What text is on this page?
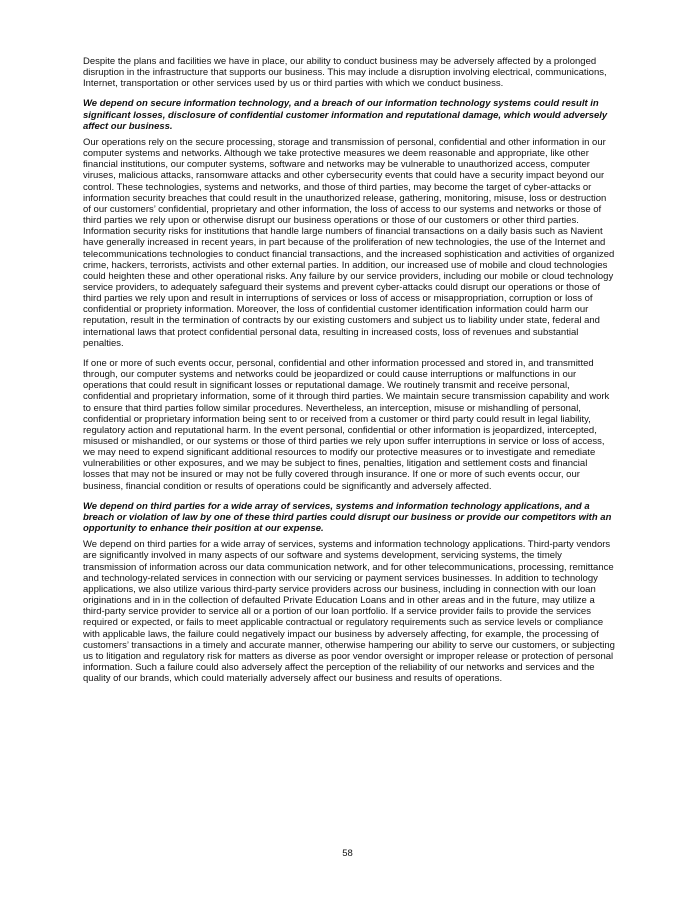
Despite the plans and facilities we have in place, our ability to conduct business may be adversely affected by a prolonged disruption in the infrastructure that supports our business. This may include a disruption involving electrical, communications, Internet, transportation or other services used by us or third parties with which we conduct business.

We depend on secure information technology, and a breach of our information technology systems could result in significant losses, disclosure of confidential customer information and reputational damage, which would adversely affect our business.

Our operations rely on the secure processing, storage and transmission of personal, confidential and other information in our computer systems and networks. Although we take protective measures we deem reasonable and appropriate, like other financial institutions, our computer systems, software and networks may be vulnerable to unauthorized access, computer viruses, malicious attacks, ransomware attacks and other cybersecurity events that could have a security impact beyond our control. These technologies, systems and networks, and those of third parties, may become the target of cyber-attacks or information security breaches that could result in the unauthorized release, gathering, monitoring, misuse, loss or destruction of our customers’ confidential, proprietary and other information, the loss of access to our systems and networks or those of third parties we rely upon or otherwise disrupt our business operations or those of our customers or other third parties. Information security risks for institutions that handle large numbers of financial transactions on a daily basis such as Navient have generally increased in recent years, in part because of the proliferation of new technologies, the use of the Internet and telecommunications technologies to conduct financial transactions, and the increased sophistication and activities of organized crime, hackers, terrorists, activists and other external parties. In addition, our increased use of mobile and cloud technologies could heighten these and other operational risks. Any failure by our service providers, including our mobile or cloud technology service providers, to adequately safeguard their systems and prevent cyber-attacks could disrupt our operations or those of third parties we rely upon and result in interruptions of services or loss of access or misappropriation, corruption or loss of confidential or propriety information. Moreover, the loss of confidential customer identification information could harm our reputation, result in the termination of contracts by our existing customers and subject us to liability under state, federal and international laws that protect confidential personal data, resulting in increased costs, loss of revenues and substantial penalties.

If one or more of such events occur, personal, confidential and other information processed and stored in, and transmitted through, our computer systems and networks could be jeopardized or could cause interruptions or malfunctions in our operations that could result in significant losses or reputational damage. We routinely transmit and receive personal, confidential and proprietary information, some of it through third parties. We maintain secure transmission capability and work to ensure that third parties follow similar procedures. Nevertheless, an interception, misuse or mishandling of personal, confidential or proprietary information being sent to or received from a customer or third party could result in legal liability, regulatory action and reputational harm. In the event personal, confidential or other information is jeopardized, intercepted, misused or mishandled, or our systems or those of third parties we rely upon suffer interruptions in service or loss of access, we may need to expend significant additional resources to modify our protective measures or to investigate and remediate vulnerabilities or other exposures, and we may be subject to fines, penalties, litigation and settlement costs and financial losses that may not be insured or may not be fully covered through insurance. If one or more of such events occur, our business, financial condition or results of operations could be significantly and adversely affected.

We depend on third parties for a wide array of services, systems and information technology applications, and a breach or violation of law by one of these third parties could disrupt our business or provide our competitors with an opportunity to enhance their position at our expense.

We depend on third parties for a wide array of services, systems and information technology applications. Third-party vendors are significantly involved in many aspects of our software and systems development, servicing systems, the timely transmission of information across our data communication network, and for other telecommunications, processing, remittance and technology-related services in connection with our servicing or payment services businesses. In addition to technology applications, we also utilize various third-party service providers across our business, including in connection with our loan originations and in in the collection of defaulted Private Education Loans and in other areas and in the future, may utilize a third-party service provider to service all or a portion of our loan portfolio. If a service provider fails to provide the services required or expected, or fails to meet applicable contractual or regulatory requirements such as service levels or compliance with applicable laws, the failure could negatively impact our business by adversely affecting, for example, the processing of customers’ transactions in a timely and accurate manner, otherwise hampering our ability to serve our customers, or subjecting us to litigation and regulatory risk for matters as diverse as poor vendor oversight or improper release or protection of personal information. Such a failure could also adversely affect the perception of the reliability of our networks and services and the quality of our brands, which could materially adversely affect our business and results of operations.

58
